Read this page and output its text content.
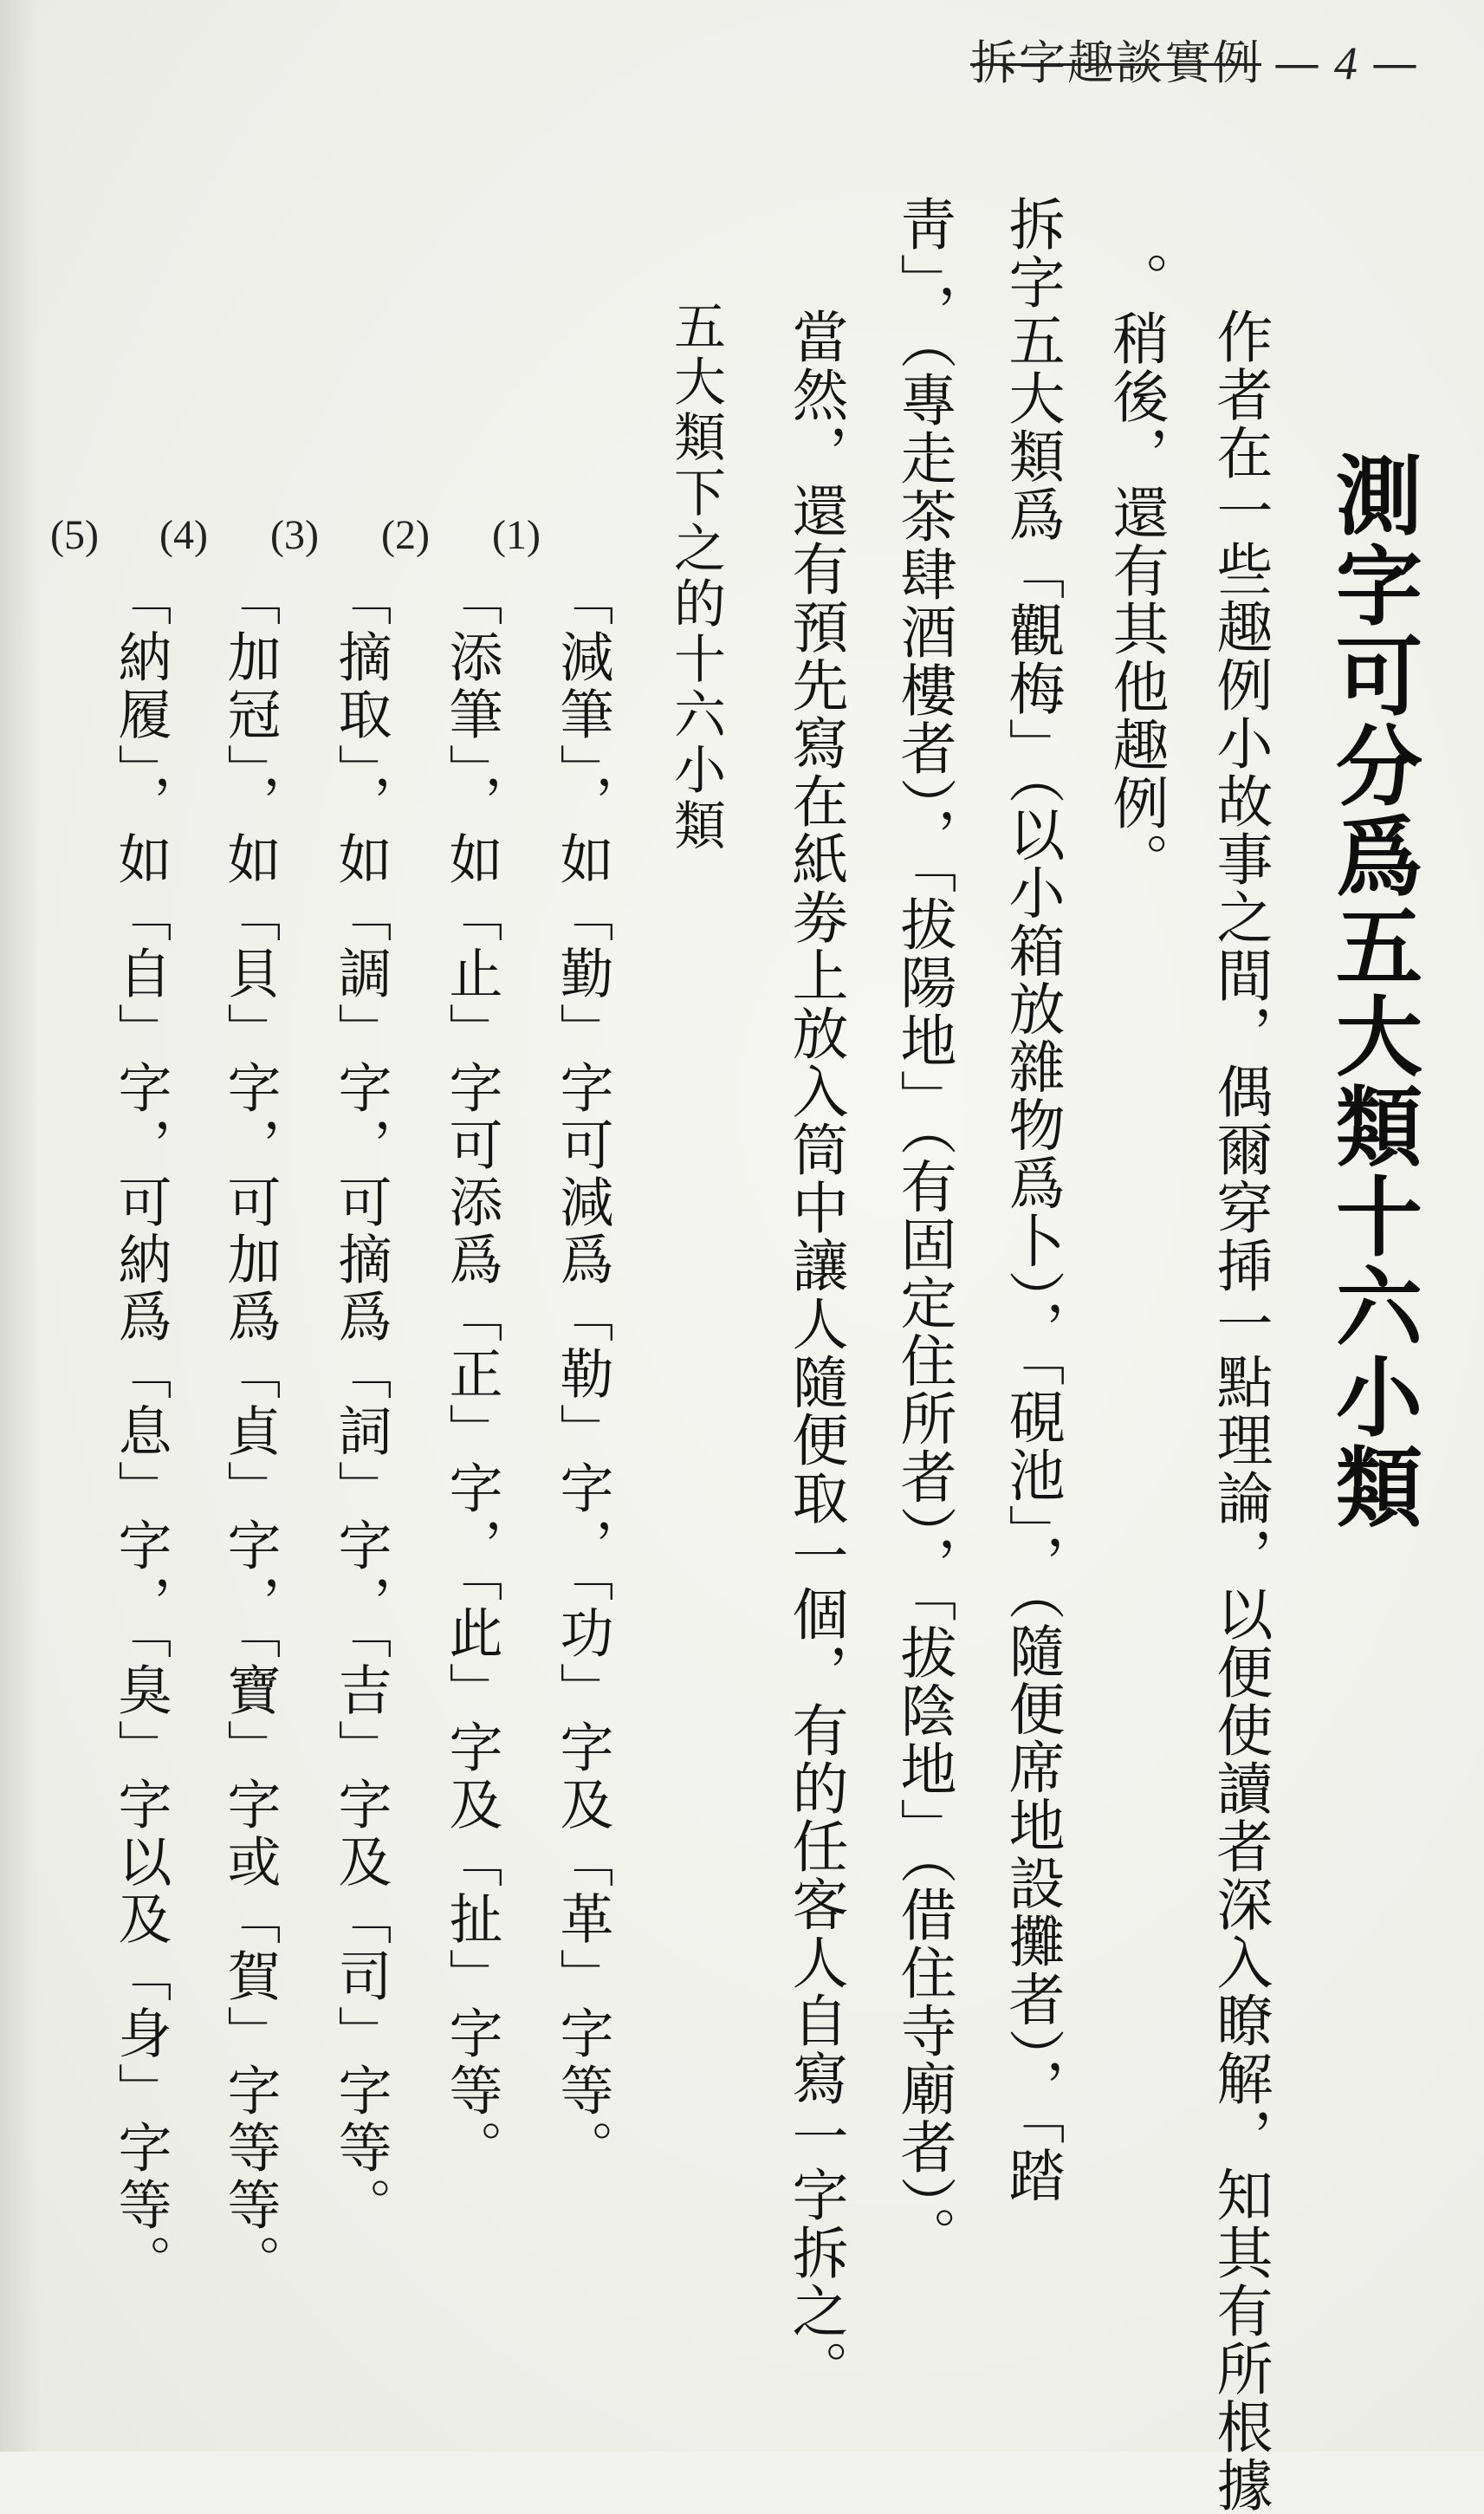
拆字趣談實例 — 4 —
測字可分爲五大類十六小類
作者在一些趣例小故事之間，偶爾穿揷一點理論，以便使讀者深入瞭解，知其有所根據
。稍後，還有其他趣例。
拆字五大類爲「觀梅」（以小箱放雜物爲卜），「硯池」，（隨便席地設攤者），「踏
靑」，（專走茶肆酒樓者），「拔陽地」（有固定住所者），「拔陰地」（借住寺廟者）。
當然，還有預先寫在紙劵上放入筒中讓人隨便取一個，有的任客人自寫一字拆之。
五大類下之的十六小類
(1)
「減筆」，如「勤」字可減爲「勒」字，「功」字及「革」字等。
(2)
「添筆」，如「止」字可添爲「正」字，「此」字及「扯」字等。
(3)
「摘取」，如「調」字，可摘爲「詞」字，「吉」字及「司」字等。
(4)
「加冠」，如「貝」字，可加爲「貞」字，「寶」字或「賀」字等等。
(5)
「納履」，如「自」字，可納爲「息」字，「臭」字以及「身」字等。
